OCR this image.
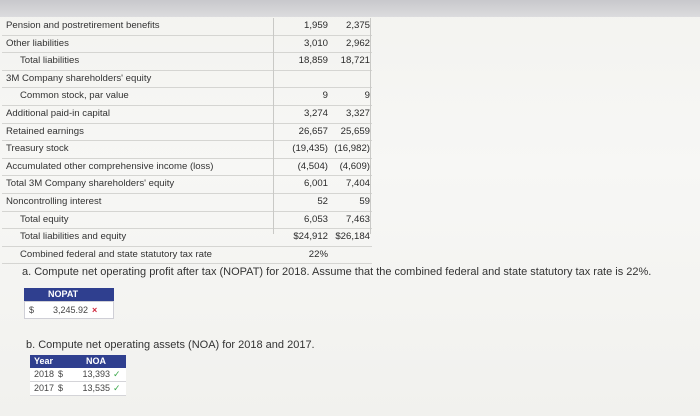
Pension and postretirement benefits	1,959	2,375
Other liabilities	3,010	2,962
Total liabilities	18,859	18,721
3M Company shareholders' equity
Common stock, par value	9	9
Additional paid-in capital	3,274	3,327
Retained earnings	26,657	25,659
Treasury stock	(19,435) (16,982)
Accumulated other comprehensive income (loss)	(4,504)	(4,609)
Total 3M Company shareholders' equity	6,001	7,404
Noncontrolling interest	52	59
Total equity	6,053	7,463
Total liabilities and equity	$24,912 $26,184
Combined federal and state statutory tax rate	22%
a. Compute net operating profit after tax (NOPAT) for 2018. Assume that the combined federal and state statutory tax rate is 22%.
NOPAT
$ 3,245.92 ×
b. Compute net operating assets (NOA) for 2018 and 2017.
Year	NOA
2018 $	13,393 ✓
2017 $	13,535 ✓
